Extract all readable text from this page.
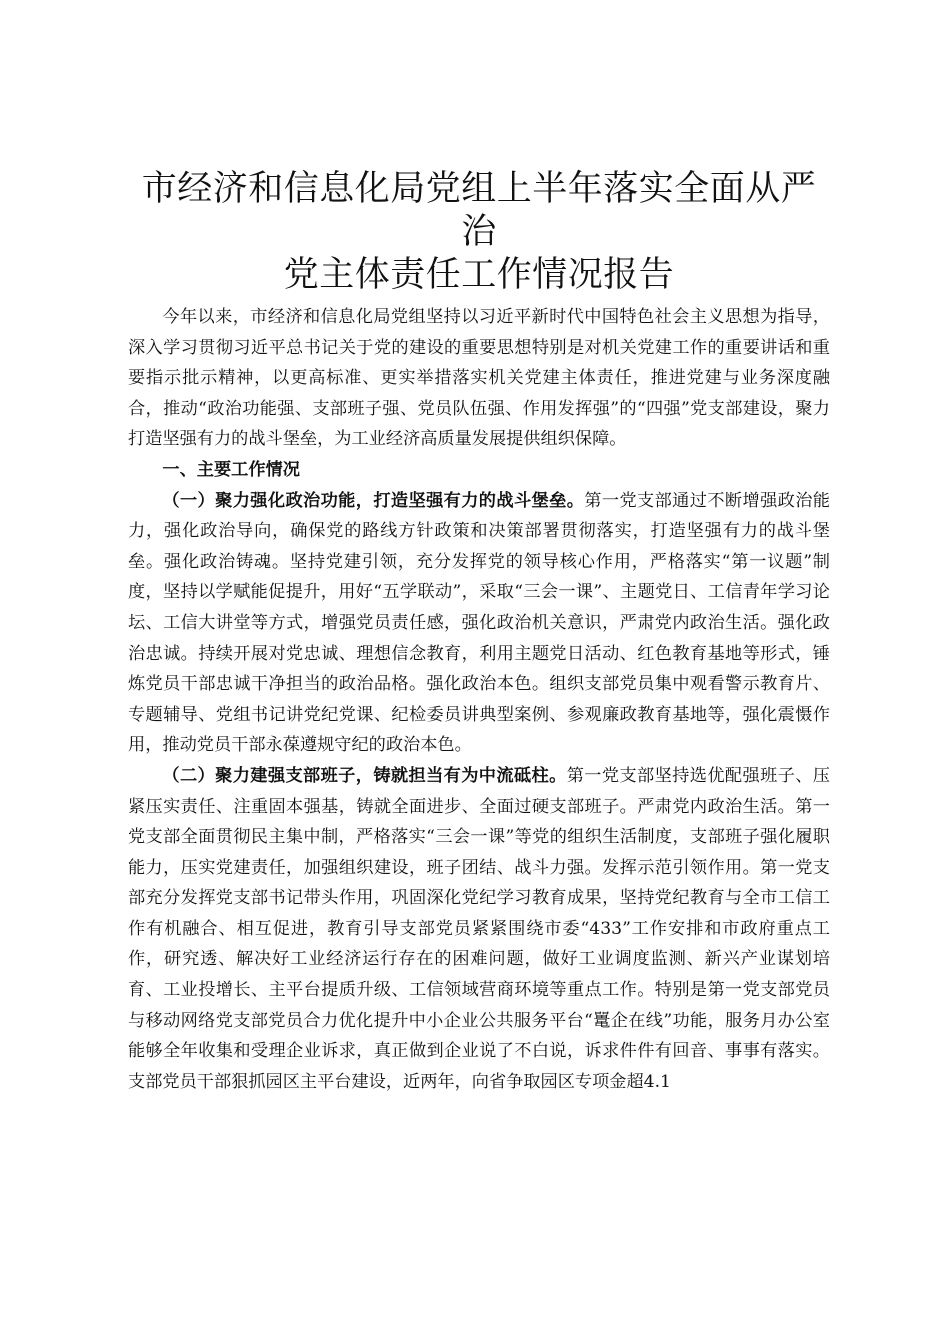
市经济和信息化局党组上半年落实全面从严治
党主体责任工作情况报告

今年以来，市经济和信息化局党组坚持以习近平新时代中国特色社会主义思想为指导，深入学习贯彻习近平总书记关于党的建设的重要思想特别是对机关党建工作的重要讲话和重要指示批示精神，以更高标准、更实举措落实机关党建主体责任，推进党建与业务深度融合，推动“政治功能强、支部班子强、党员队伍强、作用发挥强”的“四强”党支部建设，聚力打造坚强有力的战斗堡垒，为工业经济高质量发展提供组织保障。

一、主要工作情况

（一）聚力强化政治功能，打造坚强有力的战斗堡垒。第一党支部通过不断增强政治能力，强化政治导向，确保党的路线方针政策和决策部署贯彻落实，打造坚强有力的战斗堡垒。强化政治铸魂。坚持党建引领，充分发挥党的领导核心作用，严格落实“第一议题”制度，坚持以学赋能促提升，用好“五学联动”，采取“三会一课”、主题党日、工信青年学习论坛、工信大讲堂等方式，增强党员责任感，强化政治机关意识，严肃党内政治生活。强化政治忠诚。持续开展对党忠诚、理想信念教育，利用主题党日活动、红色教育基地等形式，锤炼党员干部忠诚干净担当的政治品格。强化政治本色。组织支部党员集中观看警示教育片、专题辅导、党组书记讲党纪党课、纪检委员讲典型案例、参观廉政教育基地等，强化震慑作用，推动党员干部永葆遵规守纪的政治本色。

（二）聚力建强支部班子，铸就担当有为中流砥柱。第一党支部坚持选优配强班子、压紧压实责任、注重固本强基，铸就全面进步、全面过硬支部班子。严肃党内政治生活。第一党支部全面贯彻民主集中制，严格落实“三会一课”等党的组织生活制度，支部班子强化履职能力，压实党建责任，加强组织建设，班子团结、战斗力强。发挥示范引领作用。第一党支部充分发挥党支部书记带头作用，巩固深化党纪学习教育成果，坚持党纪教育与全市工信工作有机融合、相互促进，教育引导支部党员紧紧围绕市委“433”工作安排和市政府重点工作，研究透、解决好工业经济运行存在的困难问题，做好工业调度监测、新兴产业谋划培育、工业投增长、主平台提质升级、工信领域营商环境等重点工作。特别是第一党支部党员与移动网络党支部党员合力优化提升中小企业公共服务平台“鼍企在线”功能，服务月办公室能够全年收集和受理企业诉求，真正做到企业说了不白说，诉求件件有回音、事事有落实。支部党员干部狠抓园区主平台建设，近两年，向省争取园区专项金超4.1
